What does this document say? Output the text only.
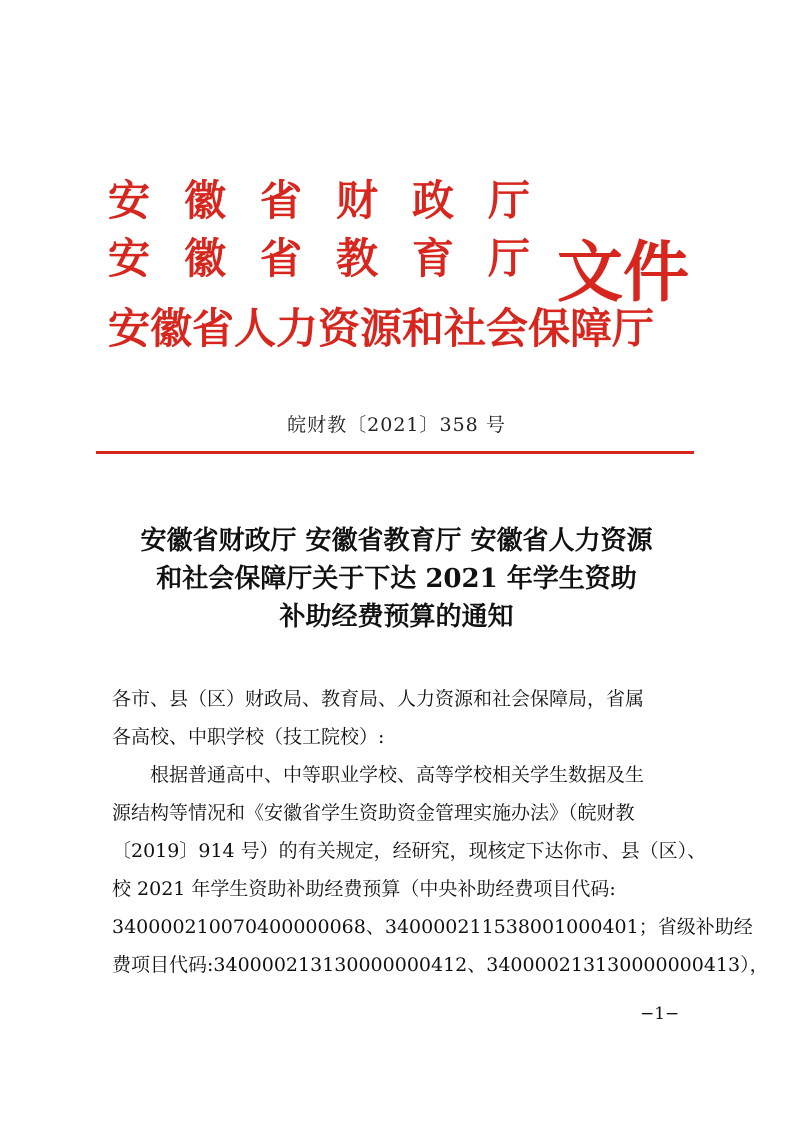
安徽省财政厅
安徽省教育厅
安徽省人力资源和社会保障厅
文件
皖财教〔2021〕358 号
安徽省财政厅 安徽省教育厅 安徽省人力资源
和社会保障厅关于下达 2021 年学生资助
补助经费预算的通知
各市、县（区）财政局、教育局、人力资源和社会保障局，省属
各高校、中职学校（技工院校）:
根据普通高中、中等职业学校、高等学校相关学生数据及生
源结构等情况和《安徽省学生资助资金管理实施办法》（皖财教
〔2019〕914 号）的有关规定，经研究，现核定下达你市、县（区）、
校 2021 年学生资助补助经费预算（中央补助经费项目代码:
340000210070400000068、340000211538001000401；省级补助经
费项目代码:340000213130000000412、340000213130000000413），
−1−
